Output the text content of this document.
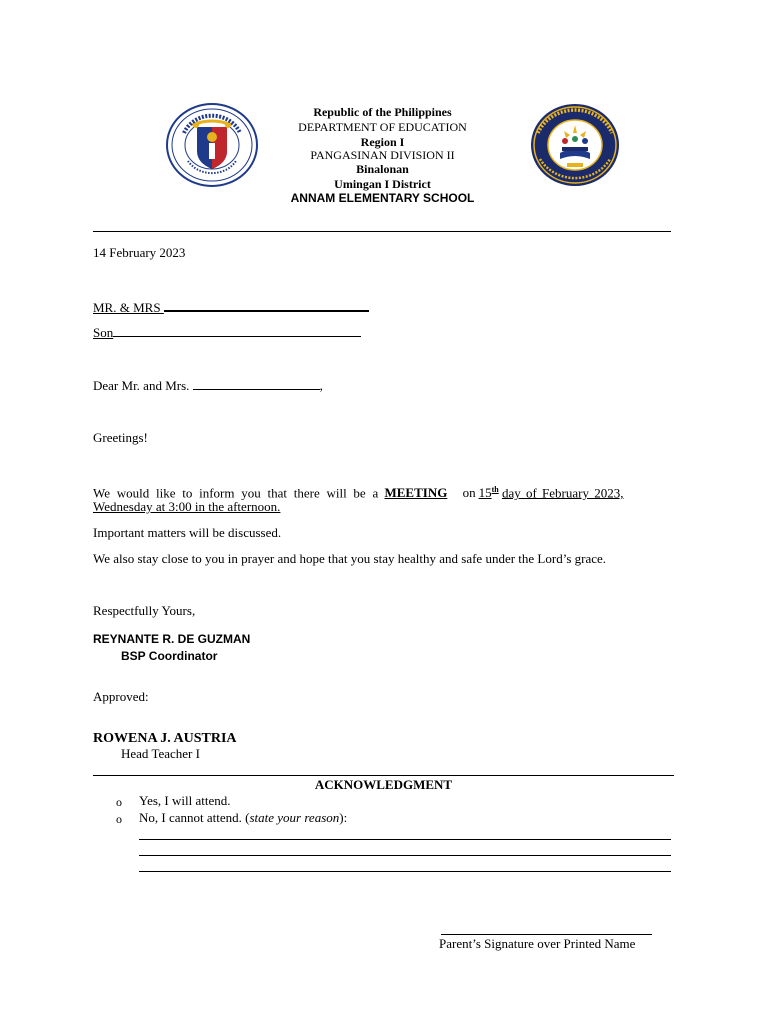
Republic of the Philippines
DEPARTMENT OF EDUCATION
Region I
PANGASINAN DIVISION II
Binalonan
Umingan I District
ANNAM ELEMENTARY SCHOOL
14 February 2023
MR. & MRS
Son
Dear Mr. and Mrs.	,
Greetings!
We would like to inform you that there will be a MEETING on 15th day of February 2023,
Wednesday at 3:00 in the afternoon.
Important matters will be discussed.
We also stay close to you in prayer and hope that you stay healthy and safe under the Lord’s grace.
Respectfully Yours,
REYNANTE R. DE GUZMAN
BSP Coordinator
Approved:
ROWENA J. AUSTRIA
Head Teacher I
ACKNOWLEDGMENT
o Yes, I will attend.
o No, I cannot attend. (state your reason):
Parent’s Signature over Printed Name
